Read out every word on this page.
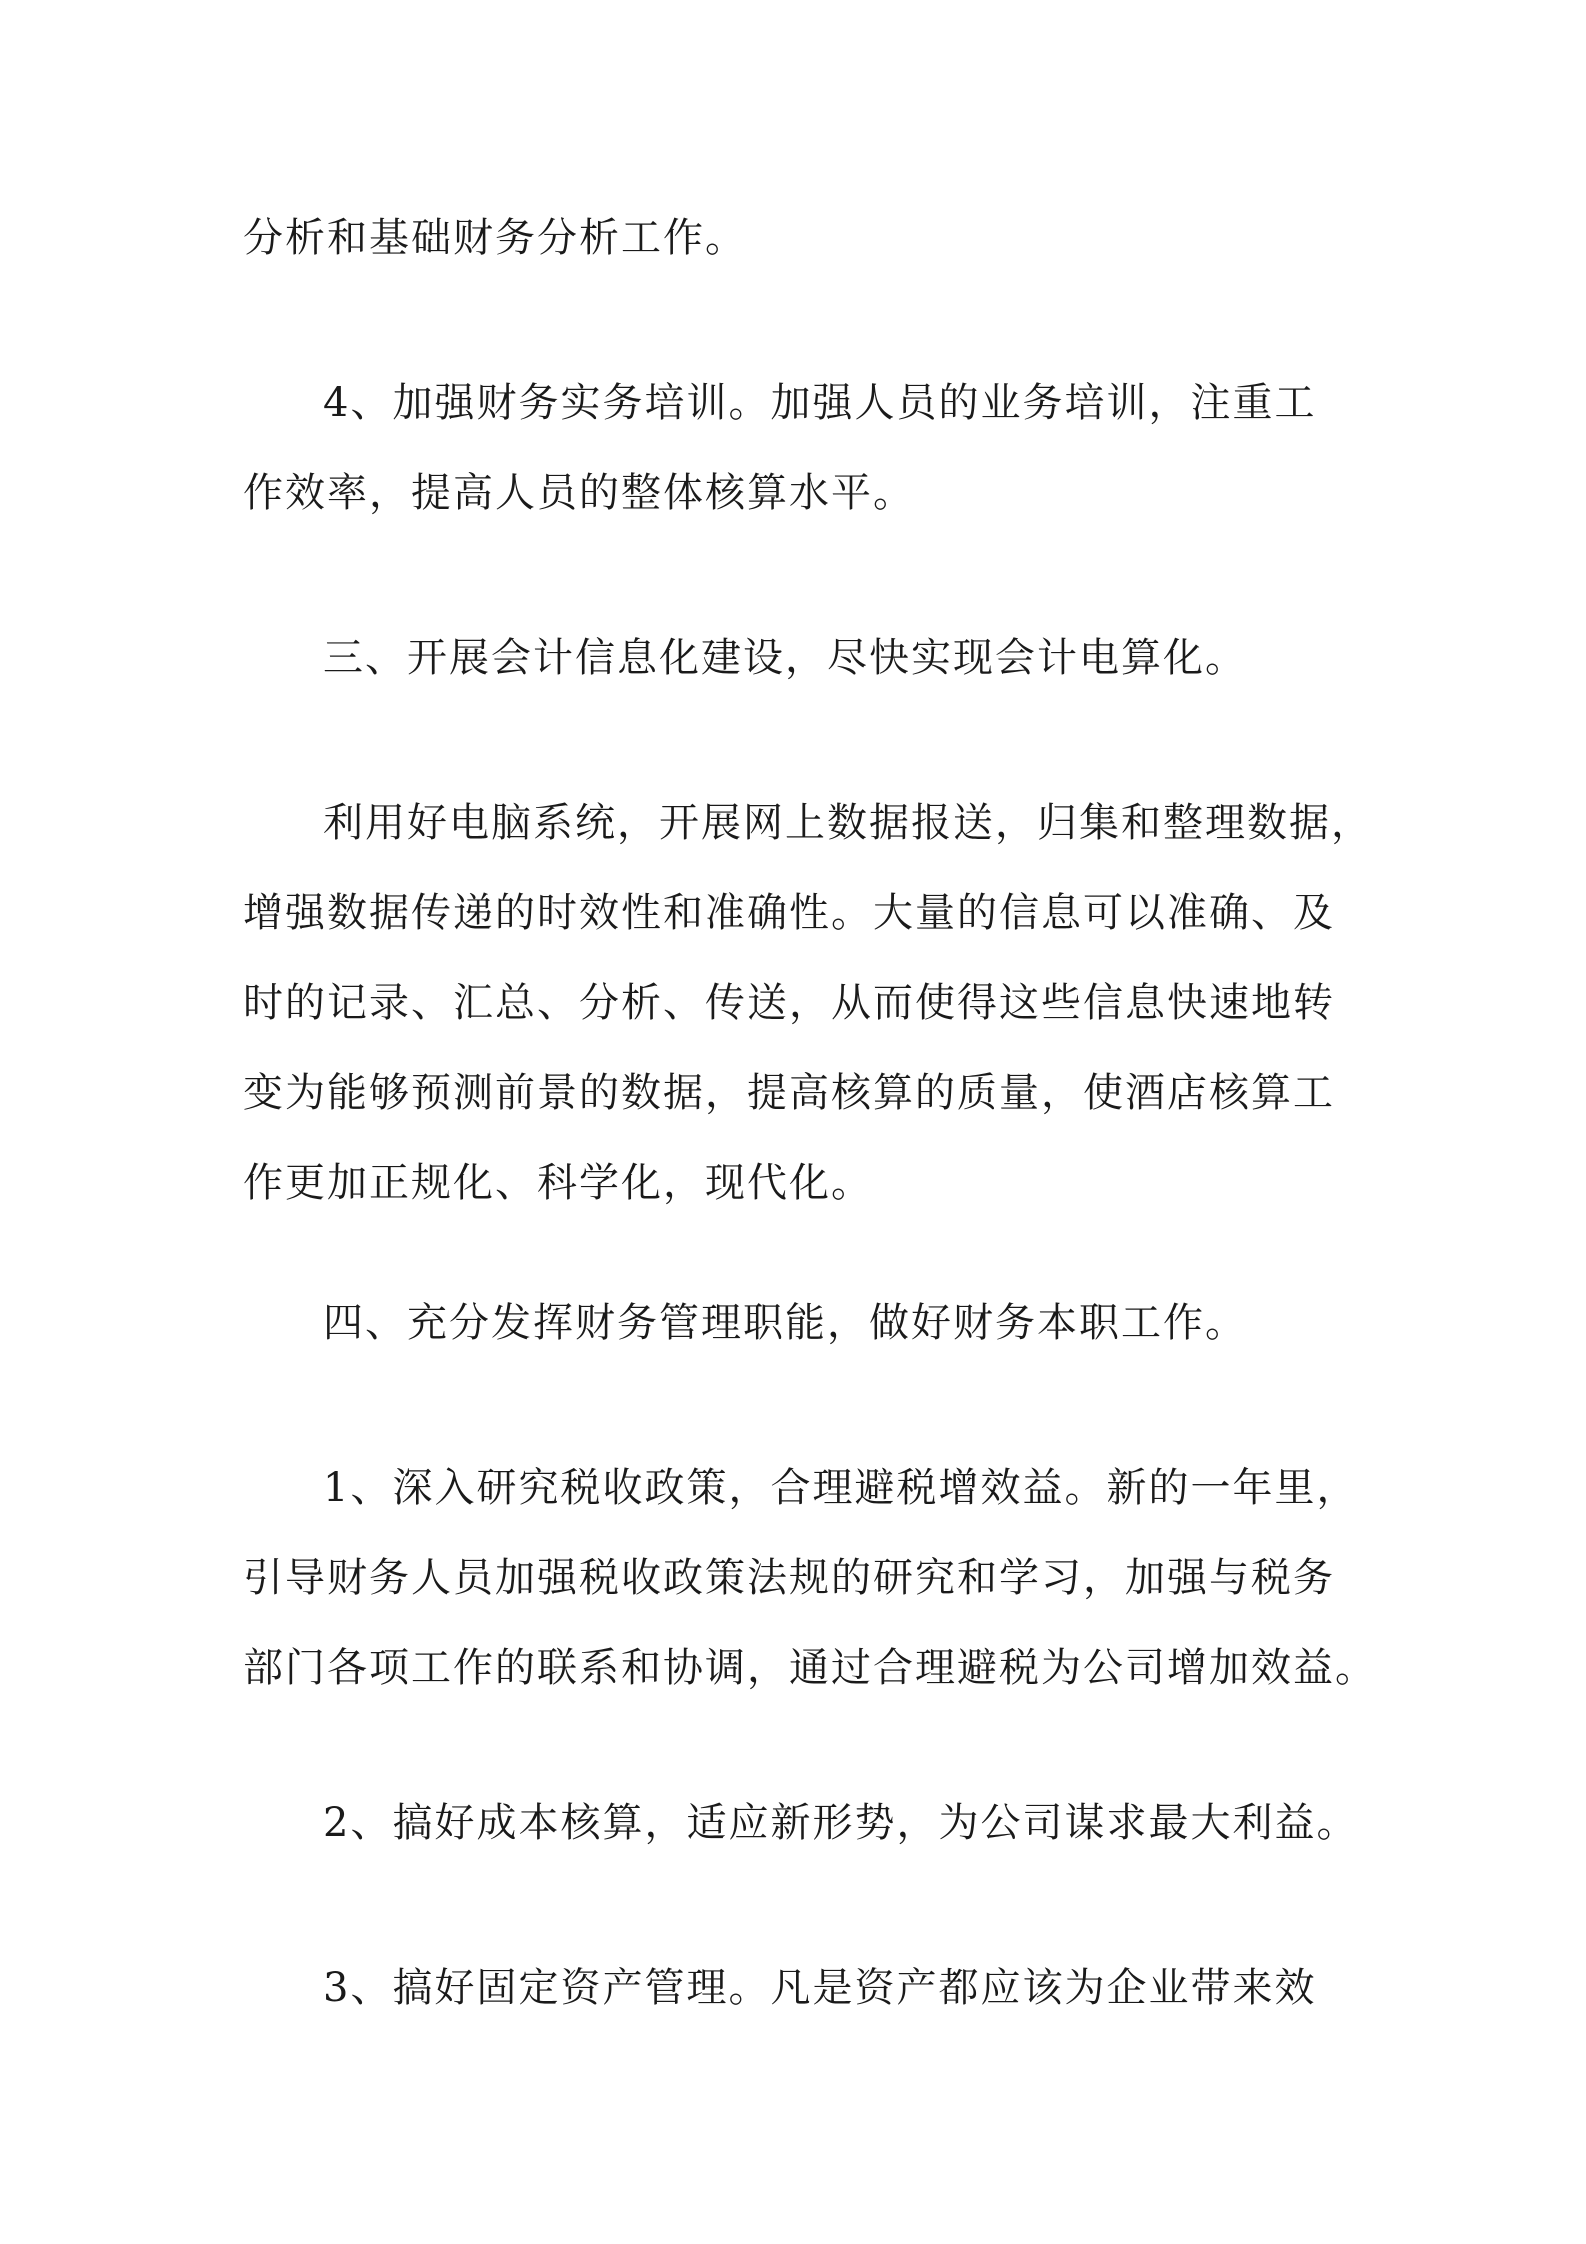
分析和基础财务分析工作。

4、加强财务实务培训。加强人员的业务培训，注重工
作效率，提高人员的整体核算水平。

三、开展会计信息化建设，尽快实现会计电算化。

利用好电脑系统，开展网上数据报送，归集和整理数据，
增强数据传递的时效性和准确性。大量的信息可以准确、及
时的记录、汇总、分析、传送，从而使得这些信息快速地转
变为能够预测前景的数据，提高核算的质量，使酒店核算工
作更加正规化、科学化，现代化。

四、充分发挥财务管理职能，做好财务本职工作。

1、深入研究税收政策，合理避税增效益。新的一年里，
引导财务人员加强税收政策法规的研究和学习，加强与税务
部门各项工作的联系和协调，通过合理避税为公司增加效益。

2、搞好成本核算，适应新形势，为公司谋求最大利益。

3、搞好固定资产管理。凡是资产都应该为企业带来效
